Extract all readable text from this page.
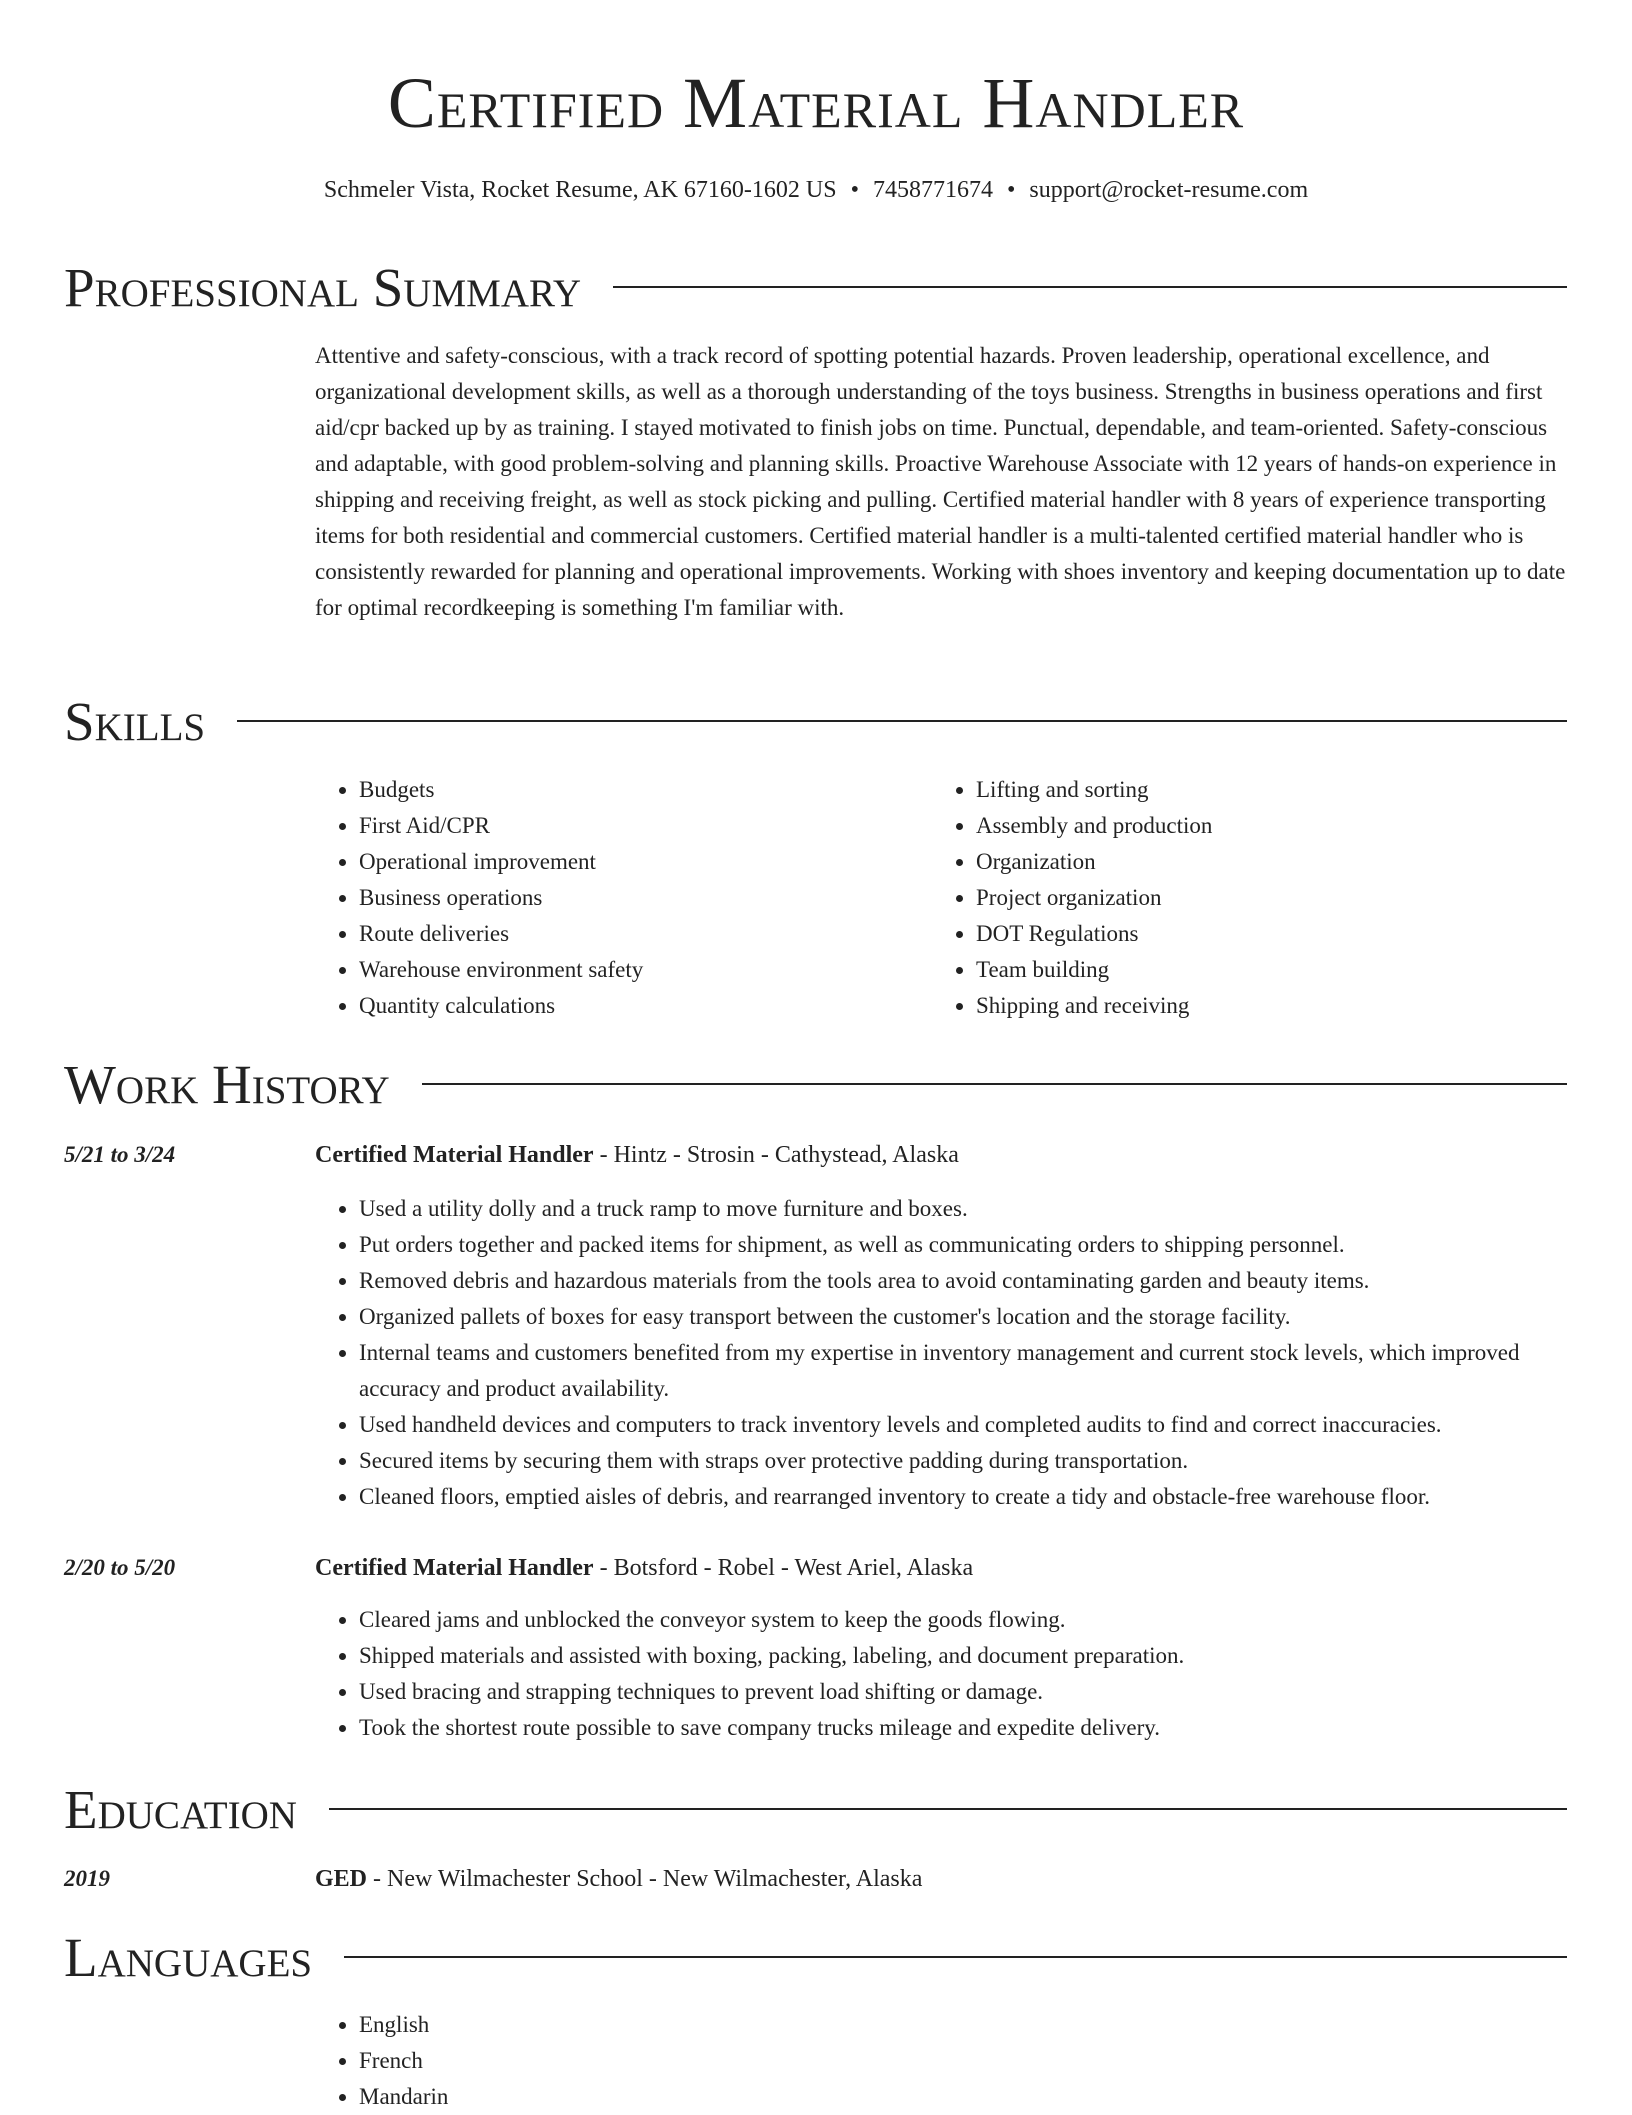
Certified Material Handler
Schmeler Vista, Rocket Resume, AK 67160-1602 US • 7458771674 • support@rocket-resume.com
Professional Summary
Attentive and safety-conscious, with a track record of spotting potential hazards. Proven leadership, operational excellence, and organizational development skills, as well as a thorough understanding of the toys business. Strengths in business operations and first aid/cpr backed up by as training. I stayed motivated to finish jobs on time. Punctual, dependable, and team-oriented. Safety-conscious and adaptable, with good problem-solving and planning skills. Proactive Warehouse Associate with 12 years of hands-on experience in shipping and receiving freight, as well as stock picking and pulling. Certified material handler with 8 years of experience transporting items for both residential and commercial customers. Certified material handler is a multi-talented certified material handler who is consistently rewarded for planning and operational improvements. Working with shoes inventory and keeping documentation up to date for optimal recordkeeping is something I'm familiar with.
Skills
• Budgets
• First Aid/CPR
• Operational improvement
• Business operations
• Route deliveries
• Warehouse environment safety
• Quantity calculations
• Lifting and sorting
• Assembly and production
• Organization
• Project organization
• DOT Regulations
• Team building
• Shipping and receiving
Work History
5/21 to 3/24	Certified Material Handler - Hintz - Strosin - Cathystead, Alaska
• Used a utility dolly and a truck ramp to move furniture and boxes.
• Put orders together and packed items for shipment, as well as communicating orders to shipping personnel.
• Removed debris and hazardous materials from the tools area to avoid contaminating garden and beauty items.
• Organized pallets of boxes for easy transport between the customer's location and the storage facility.
• Internal teams and customers benefited from my expertise in inventory management and current stock levels, which improved accuracy and product availability.
• Used handheld devices and computers to track inventory levels and completed audits to find and correct inaccuracies.
• Secured items by securing them with straps over protective padding during transportation.
• Cleaned floors, emptied aisles of debris, and rearranged inventory to create a tidy and obstacle-free warehouse floor.
2/20 to 5/20	Certified Material Handler - Botsford - Robel - West Ariel, Alaska
• Cleared jams and unblocked the conveyor system to keep the goods flowing.
• Shipped materials and assisted with boxing, packing, labeling, and document preparation.
• Used bracing and strapping techniques to prevent load shifting or damage.
• Took the shortest route possible to save company trucks mileage and expedite delivery.
Education
2019	GED - New Wilmachester School - New Wilmachester, Alaska
Languages
• English
• French
• Mandarin
